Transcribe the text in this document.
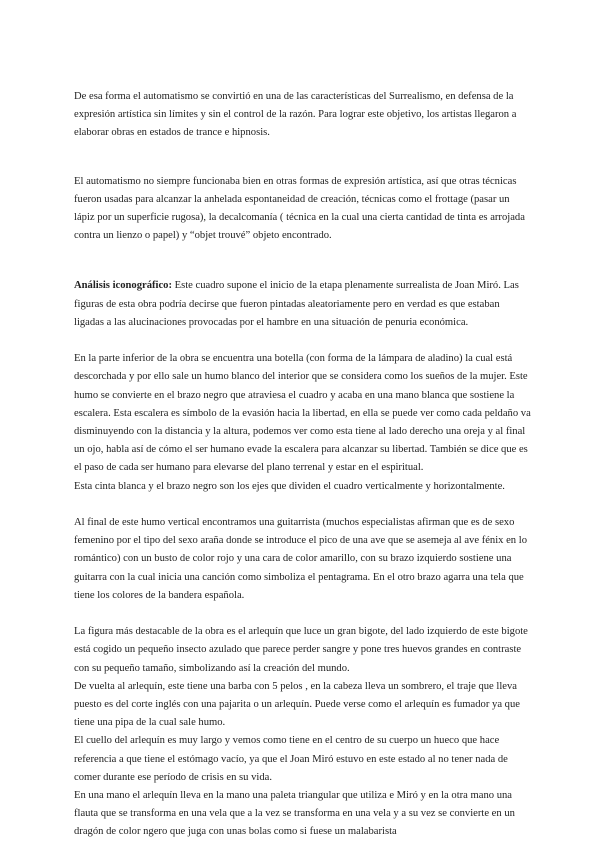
De esa forma el automatismo se convirtió en una de las características del Surrealismo, en defensa de la expresión artística sin límites y sin el control de la razón. Para lograr este objetivo, los artistas llegaron a elaborar obras en estados de trance e hipnosis.

El automatismo no siempre funcionaba bien en otras formas de expresión artística, así que otras técnicas fueron usadas para alcanzar la anhelada espontaneidad de creación, técnicas como el frottage (pasar un lápiz por un superficie rugosa), la decalcomanía ( técnica en la cual una cierta cantidad de tinta es arrojada contra un lienzo o papel) y “objet trouvé” objeto encontrado.

Análisis iconográfico: Este cuadro supone el inicio de la etapa plenamente surrealista de Joan Miró. Las figuras de esta obra podría decirse que fueron pintadas aleatoriamente pero en verdad es que estaban ligadas a las alucinaciones provocadas por el hambre en una situación de penuria económica.

En la parte inferior de la obra se encuentra una botella (con forma de la lámpara de aladino) la cual está descorchada y por ello sale un humo blanco del interior que se considera como los sueños de la mujer. Este humo se convierte en el brazo negro que atraviesa el cuadro y acaba en una mano blanca que sostiene la escalera. Esta escalera es símbolo de la evasión hacia la libertad, en ella se puede ver como cada peldaño va disminuyendo con la distancia y la altura, podemos ver como esta tiene al lado derecho una oreja y al final un ojo, habla así de cómo el ser humano evade la escalera para alcanzar su libertad. También se dice que es el paso de cada ser humano para elevarse del plano terrenal y estar en el espiritual.

Esta cinta blanca y el brazo negro son los ejes que dividen el cuadro verticalmente y horizontalmente.

Al final de este humo vertical encontramos una guitarrista (muchos especialistas afirman que es de sexo femenino por el tipo del sexo araña donde se introduce el pico de una ave que se asemeja al ave fénix en lo romántico) con un busto de color rojo y una cara de color amarillo, con su brazo izquierdo sostiene una guitarra con la cual inicia una canción como simboliza el pentagrama. En el otro brazo agarra una tela que tiene los colores de la bandera española.

La figura más destacable de la obra es el arlequín que luce un gran bigote, del lado izquierdo de este bigote está cogido un pequeño insecto azulado que parece perder sangre y pone tres huevos grandes en contraste con su pequeño tamaño, simbolizando así la creación del mundo.

De vuelta al arlequín, este tiene una barba con 5 pelos , en la cabeza lleva un sombrero, el traje que lleva puesto es del corte inglés con una pajarita o un arlequín. Puede verse como el arlequín es fumador ya que tiene una pipa de la cual sale humo.

El cuello del arlequín es muy largo y vemos como tiene en el centro de su cuerpo un hueco que hace referencia a que tiene el estómago vacío, ya que el Joan Miró estuvo en este estado al no tener nada de comer durante ese período de crisis en su vida.

En una mano el arlequín lleva en la mano una paleta triangular que utiliza e Miró y en la otra mano una flauta que se transforma en una vela que a la vez se transforma en una vela y a su vez se convierte en un dragón de color ngero que juga con unas bolas como si fuese un malabarista
